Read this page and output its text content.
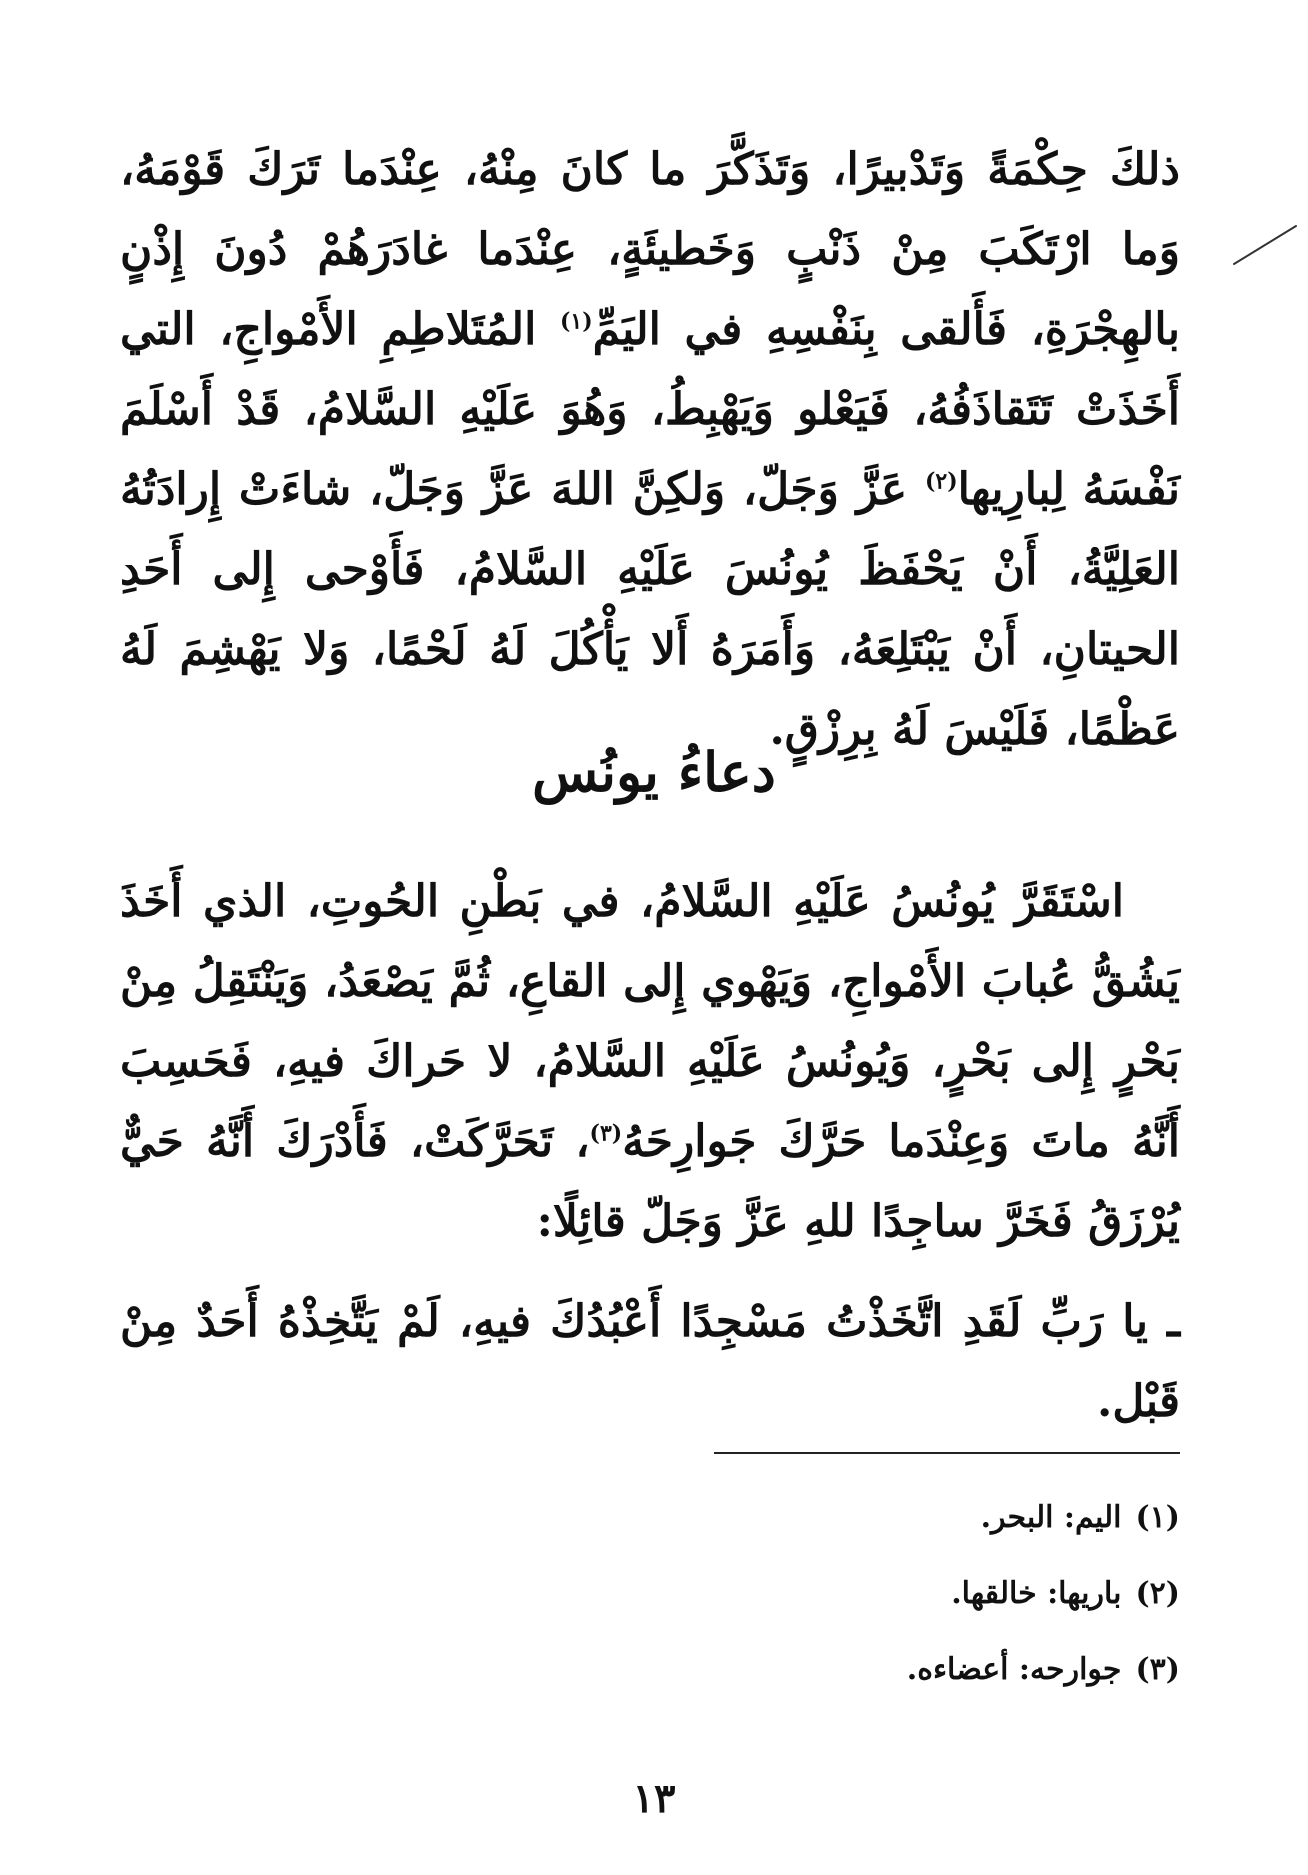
ذلكَ حِكْمَةً وَتَدْبيرًا، وَتَذَكَّرَ ما كانَ مِنْهُ، عِنْدَما تَرَكَ قَوْمَهُ، وَما ارْتَكَبَ مِنْ ذَنْبٍ وَخَطيئَةٍ، عِنْدَما غادَرَهُمْ دُونَ إِذْنٍ بالهِجْرَةِ، فَأَلقى بِنَفْسِهِ في اليَمِّ$^{(١)}$ المُتَلاطِمِ الأَمْواجِ، التي أَخَذَتْ تَتَقاذَفُهُ، فَيَعْلو وَيَهْبِطُ، وَهُوَ عَلَيْهِ السَّلامُ، قَدْ أَسْلَمَ نَفْسَهُ لِبارِيها$^{(٢)}$ عَزَّ وَجَلّ، وَلكِنَّ اللهَ عَزَّ وَجَلّ، شاءَتْ إِرادَتُهُ العَلِيَّةُ، أَنْ يَحْفَظَ يُونُسَ عَلَيْهِ السَّلامُ، فَأَوْحى إِلى أَحَدِ الحيتانِ، أَنْ يَبْتَلِعَهُ، وَأَمَرَهُ أَلا يَأْكُلَ لَهُ لَحْمًا، وَلا يَهْشِمَ لَهُ عَظْمًا، فَلَيْسَ لَهُ بِرِزْقٍ.

دعاءُ يونُس

اسْتَقَرَّ يُونُسُ عَلَيْهِ السَّلامُ، في بَطْنِ الحُوتِ، الذي أَخَذَ يَشُقُّ عُبابَ الأَمْواجِ، وَيَهْوي إِلى القاعِ، ثُمَّ يَصْعَدُ، وَيَنْتَقِلُ مِنْ بَحْرٍ إِلى بَحْرٍ، وَيُونُسُ عَلَيْهِ السَّلامُ، لا حَراكَ فيهِ، فَحَسِبَ أَنَّهُ ماتَ وَعِنْدَما حَرَّكَ جَوارِحَهُ$^{(٣)}$، تَحَرَّكَتْ، فَأَدْرَكَ أَنَّهُ حَيٌّ يُرْزَقُ فَخَرَّ ساجِدًا للهِ عَزَّ وَجَلّ قائِلًا:

ـ يا رَبِّ لَقَدِ اتَّخَذْتُ مَسْجِدًا أَعْبُدُكَ فيهِ، لَمْ يَتَّخِذْهُ أَحَدٌ مِنْ قَبْل.

(١)اليم: البحر.
(٢)باريها: خالقها.
(٣)جوارحه: أعضاءه.
١٣
